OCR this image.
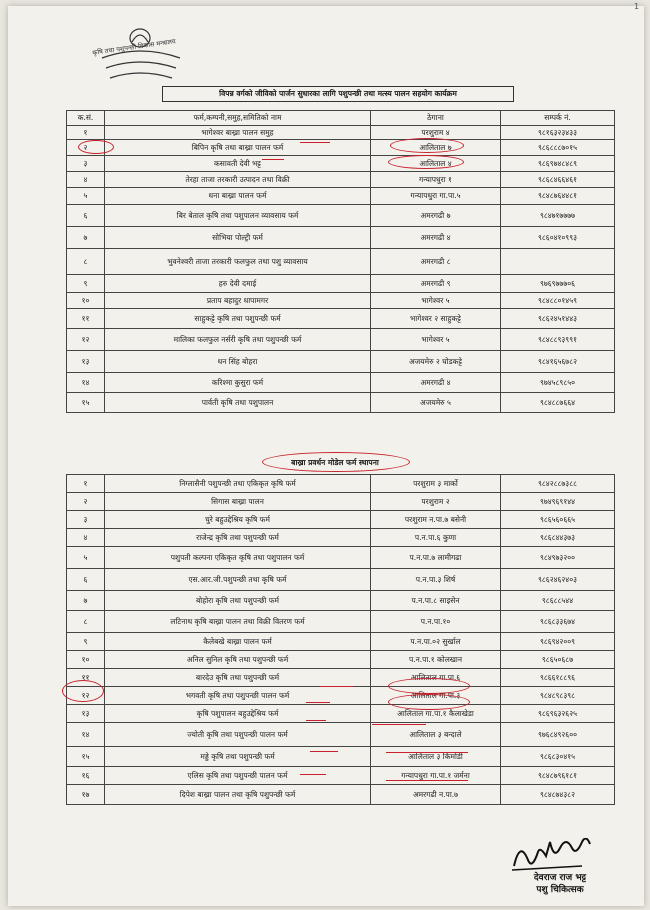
कृषि तथा पशुपन्छी विकास मन्त्रालय
विपन्न वर्गको जीविको पार्जन सुधारका लागि पशुपन्छी तथा मत्स्य पालन सहयोग कार्यक्रम
क.सं.	फर्म,कम्पनी,समुह,समितिको नाम	ठेगाना	सम्पर्क नं.
१	भागेश्वर बाख्रा पालन समुह	परशुराम ४	९८१६३२३४३३
२	बिपिन कृषि तथा बाख्रा पालन फर्म	आलिताल ७	९८६८८८७०१५
३	कसावती देवी भट्ट	आलिताल ४	९८६९७४८४८९
४	तेरहा ताजा तरकारी उत्पादन तथा विक्री	गन्यापधुरा १	९८६८४६६४६१
५	धना बाख्रा पालन फर्म	गन्यापधुरा गा.पा.५	९८४८७६४४८१
६	बिर बेताल कृषि तथा पशुपालन व्यावसाय फर्म	अमरगढी ७	९८४७१७७७७
७	सोभिया पोल्ट्री फर्म	अमरगढी ४	९८६०४१०९९३
८	भुवनेश्वरी ताजा तरकारी फलफुल तथा पशु व्यावसाय	अमरगढी ८	
९	हरु देवी दमाई	अमरगढी ९	९७६९७७७०६
१०	प्रताप बहादुर धापामगर	भागेश्वर ५	९८४८८०१४५९
११	साहुकट्टे कृषि तथा पशुपन्छी फर्म	भागेश्वर २ साहुकट्टे	९८६२४५१४४३
१२	मालिका फलफुल नर्सरी कृषि तथा पशुपन्छी फर्म	भागेश्वर ५	९८४८८९३९९१
१३	धन सिंह बोहरा	अजयमेरु २ घोडकट्टे	९८४१६५६७८२
१४	करिश्मा कुसुरा फर्म	अमरगढी ४	९७४५८९८५०
१५	पार्वती कृषि तथा पशुपालन	अजयमेरु ५	९८४८८७६६४
बाख्रा प्रवर्धन मोडेल फर्म स्थापना
१	निग्लासैनी पशुपन्छी तथा एकिकृत कृषि फर्म	परशुराम ३ मार्को	९८४२८८७३८८
२	सिगास बाख्रा पालन	परशुराम २	९७४९६९१४४
३	चुरे बहुउद्देश्रिय कृषि फर्म	परशुराम न.पा.७ बसेनी	९८६५६०६६५
४	राजेन्द्र कृषि तथा पशुपन्छी फर्म	प.न.पा.६ कुणा	९८६८४४३७३
५	पशुपती कल्पना एकिकृत कृषि तथा पशुपालन फर्म	प.न.पा.७ लामीगढा	९८४९७३२००
६	एस.आर.जी.पशुपन्छी तथा कृषि फर्म	प.न.पा.३ शिर्ष	९८६२४६२४०३
७	बोहोरा कृषि तथा पशुपन्छी फर्म	प.न.पा.८ साइसेन	९८६८८५४४
८	लटिनाथ कृषि बाख्रा पालन तथा विक्री वितरण फर्म	प.न.पा.१०	९८६८३३६७४
९	कैलेबखे बाख्रा पालन फर्म	प.न.पा.०२ सुर्खाल	९८६९४२००९
१०	अनिल सुनिल कृषि तथा पशुपन्छी फर्म	प.न.पा.१ कोलखान	९८६५०६८७
११	बारदेउ कृषि तथा पशुपन्छी फर्म	आलिताल गा.पा.६	९८६६१८८९६
१२	भगवती कृषि तथा पशुपन्छी पालन फर्म	आलिताल गा.पा.३	९८४८९८३९८
१३	कृषि पशुपालन बहुउद्देश्रिय फर्म	आलिताल गा.पा.१ कैलाखेडा	९८६९६३२६२५
१४	ज्योती कृषि तथा पशुपन्छी पालन फर्म	आलिताल ३ बन्दाले	९७६८४९२६००
१५	मड्डे कृषि तथा पशुपन्छी फर्म	आलिताल ३ किमोडी	९८६८३०४१५
१६	एलिस कृषि तथा पशुपन्छी पालन फर्म	गन्यापधुरा गा.पा.१ जर्मना	९८४८७९६१८१
१७	दिपेश बाख्रा पालन तथा कृषि पशुपन्छी फर्म	अमरगढी न.पा.७	९८४८७४३८२
देवराज राज भट्ट
पशु चिकित्सक
1
